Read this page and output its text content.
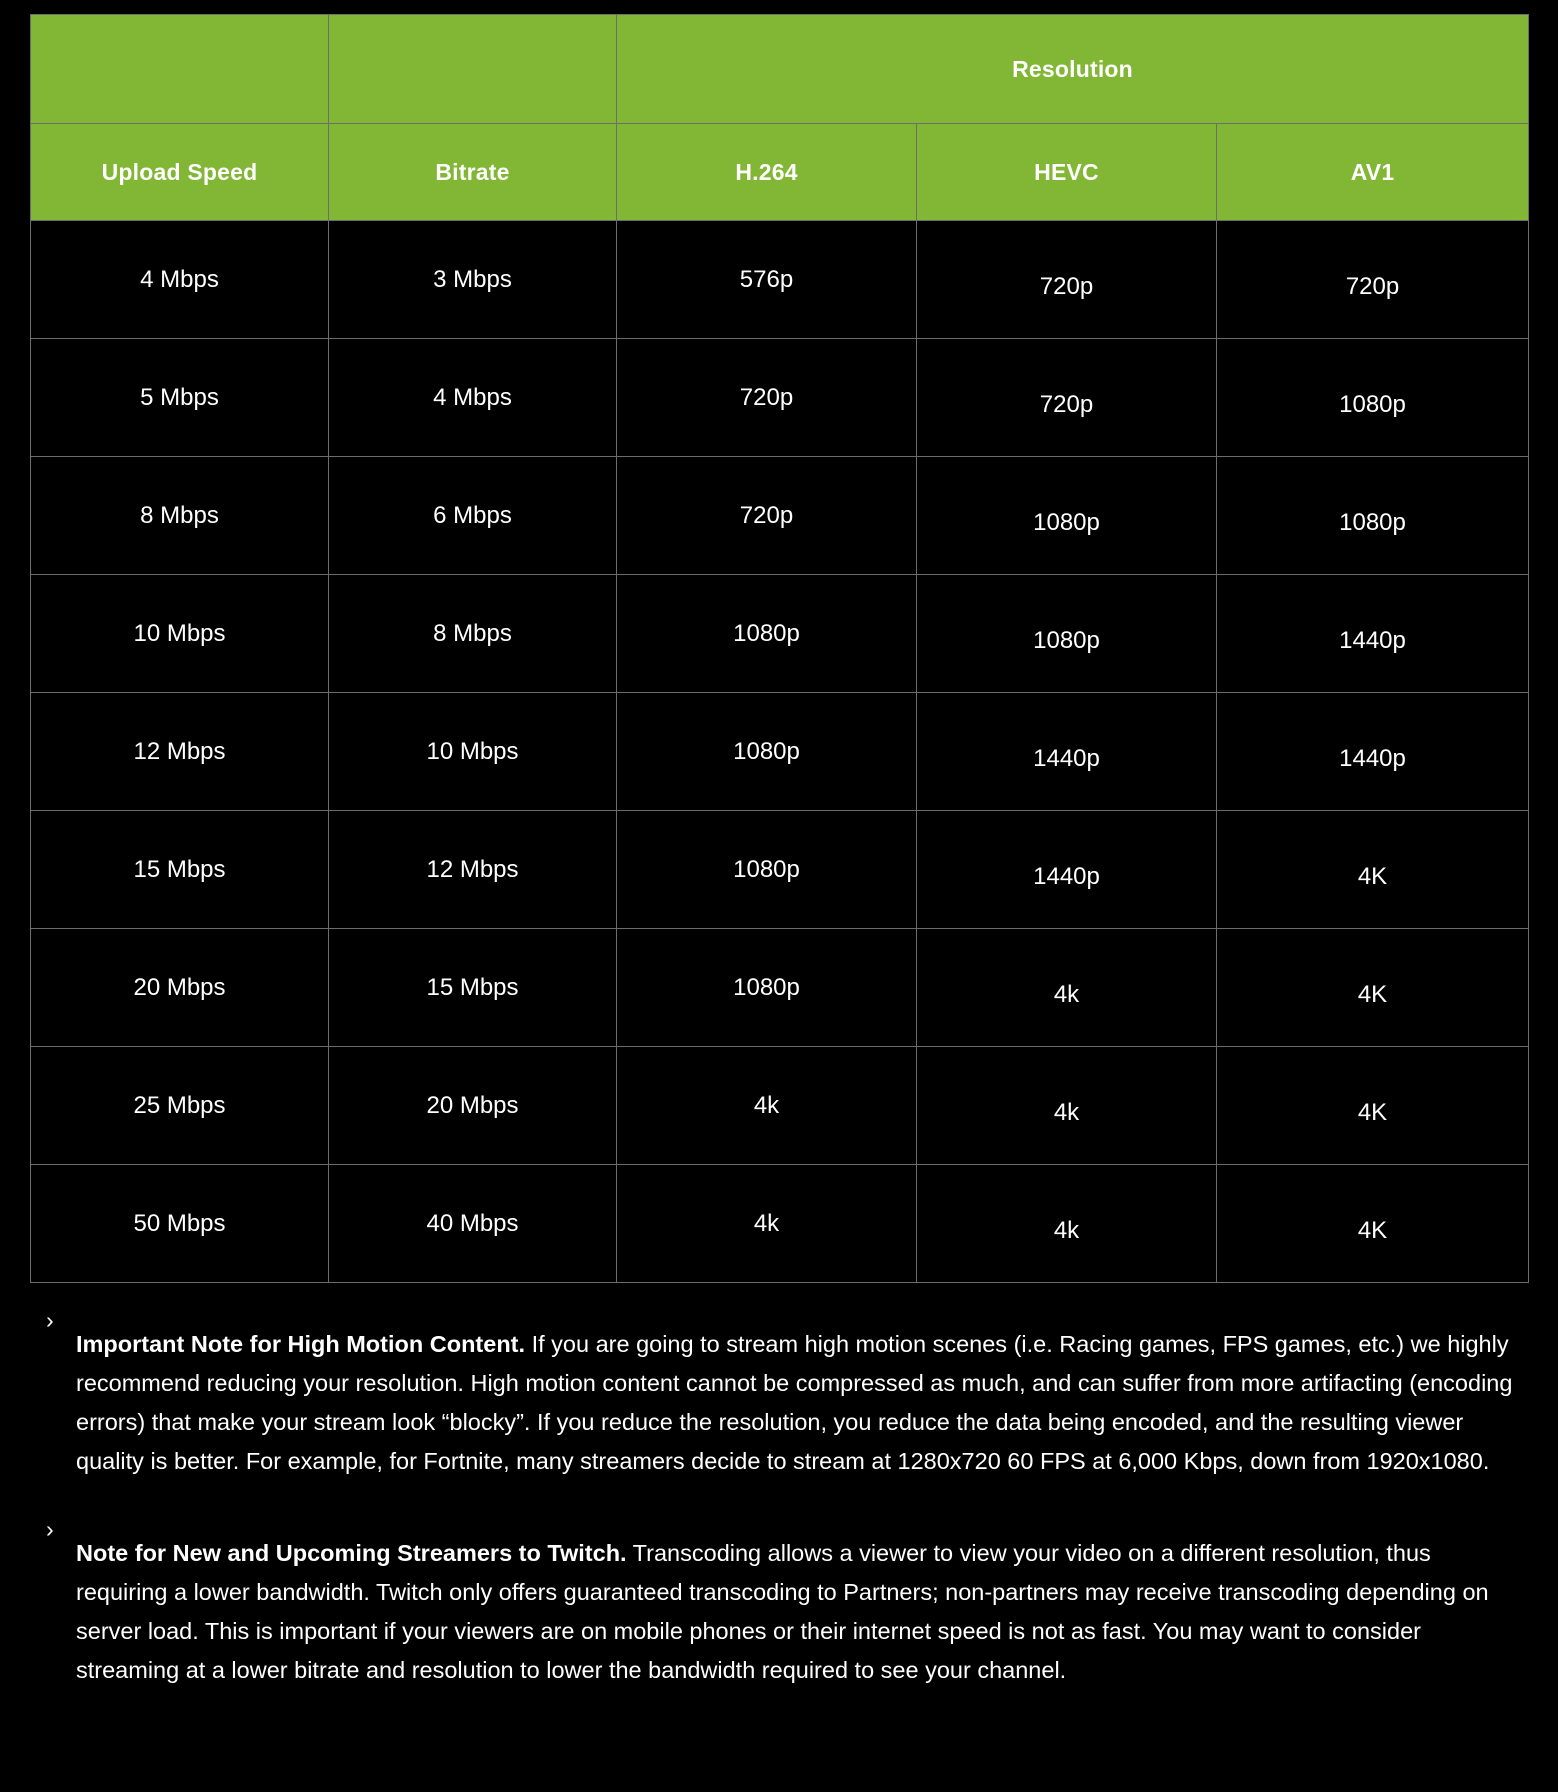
		Resolution		
Upload Speed	Bitrate	H.264	HEVC	AV1
4 Mbps	3 Mbps	576p	720p	720p
5 Mbps	4 Mbps	720p	720p	1080p
8 Mbps	6 Mbps	720p	1080p	1080p
10 Mbps	8 Mbps	1080p	1080p	1440p
12 Mbps	10 Mbps	1080p	1440p	1440p
15 Mbps	12 Mbps	1080p	1440p	4K
20 Mbps	15 Mbps	1080p	4k	4K
25 Mbps	20 Mbps	4k	4k	4K
50 Mbps	40 Mbps	4k	4k	4K
›

Important Note for High Motion Content. If you are going to stream high motion scenes (i.e. Racing games, FPS games, etc.) we highly recommend reducing your resolution. High motion content cannot be compressed as much, and can suffer from more artifacting (encoding errors) that make your stream look “blocky”. If you reduce the resolution, you reduce the data being encoded, and the resulting viewer quality is better. For example, for Fortnite, many streamers decide to stream at 1280x720 60 FPS at 6,000 Kbps, down from 1920x1080.

›

Note for New and Upcoming Streamers to Twitch. Transcoding allows a viewer to view your video on a different resolution, thus requiring a lower bandwidth. Twitch only offers guaranteed transcoding to Partners; non-partners may receive transcoding depending on server load. This is important if your viewers are on mobile phones or their internet speed is not as fast. You may want to consider streaming at a lower bitrate and resolution to lower the bandwidth required to see your channel.
